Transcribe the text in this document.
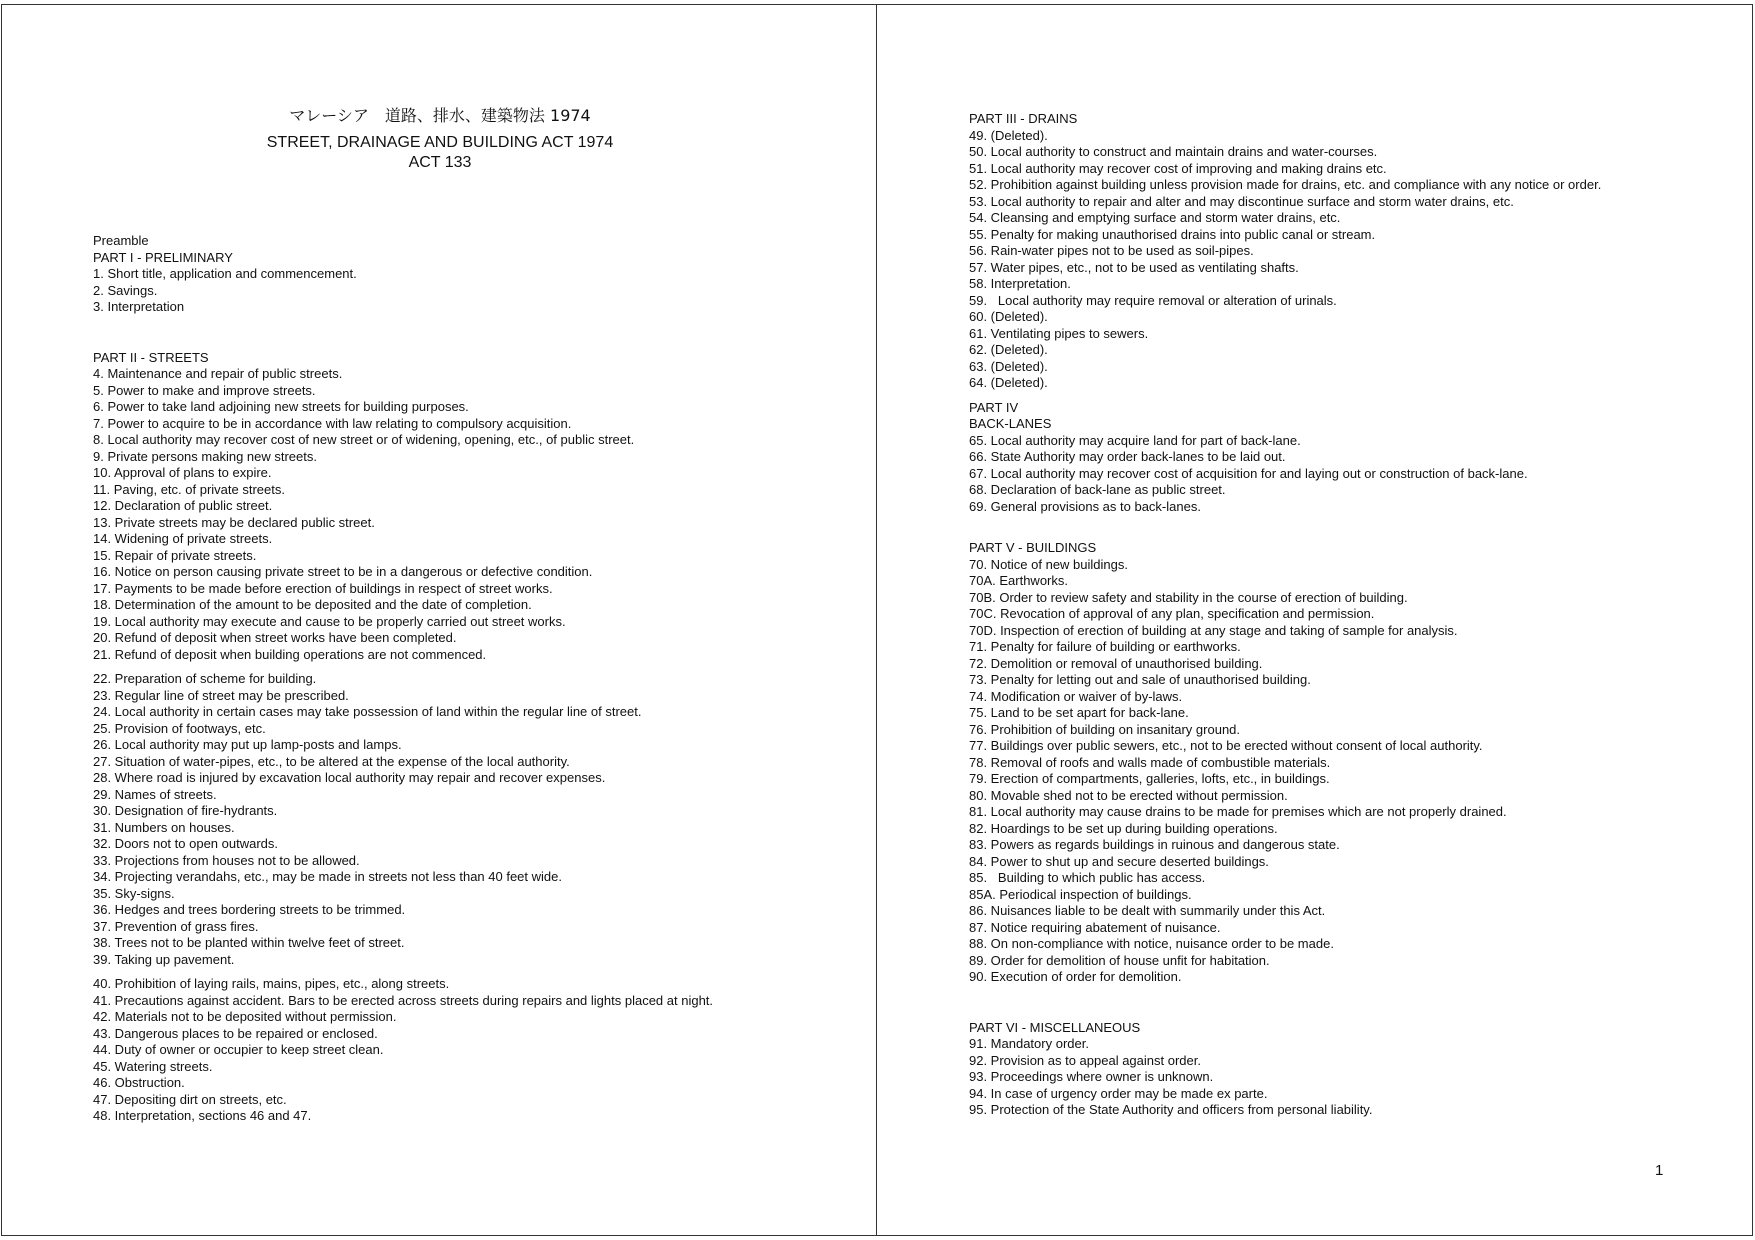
マレーシア　道路、排水、建築物法 1974
STREET, DRAINAGE AND BUILDING ACT 1974
ACT 133
Preamble
PART I - PRELIMINARY
1. Short title, application and commencement.
2. Savings.
3. Interpretation
PART II - STREETS
4. Maintenance and repair of public streets.
5. Power to make and improve streets.
6. Power to take land adjoining new streets for building purposes.
7. Power to acquire to be in accordance with law relating to compulsory acquisition.
8. Local authority may recover cost of new street or of widening, opening, etc., of public street.
9. Private persons making new streets.
10. Approval of plans to expire.
11. Paving, etc. of private streets.
12. Declaration of public street.
13. Private streets may be declared public street.
14. Widening of private streets.
15. Repair of private streets.
16. Notice on person causing private street to be in a dangerous or defective condition.
17. Payments to be made before erection of buildings in respect of street works.
18. Determination of the amount to be deposited and the date of completion.
19. Local authority may execute and cause to be properly carried out street works.
20. Refund of deposit when street works have been completed.
21. Refund of deposit when building operations are not commenced.
22. Preparation of scheme for building.
23. Regular line of street may be prescribed.
24. Local authority in certain cases may take possession of land within the regular line of street.
25. Provision of footways, etc.
26. Local authority may put up lamp-posts and lamps.
27. Situation of water-pipes, etc., to be altered at the expense of the local authority.
28. Where road is injured by excavation local authority may repair and recover expenses.
29. Names of streets.
30. Designation of fire-hydrants.
31. Numbers on houses.
32. Doors not to open outwards.
33. Projections from houses not to be allowed.
34. Projecting verandahs, etc., may be made in streets not less than 40 feet wide.
35. Sky-signs.
36. Hedges and trees bordering streets to be trimmed.
37. Prevention of grass fires.
38. Trees not to be planted within twelve feet of street.
39. Taking up pavement.
40. Prohibition of laying rails, mains, pipes, etc., along streets.
41. Precautions against accident. Bars to be erected across streets during repairs and lights placed at night.
42. Materials not to be deposited without permission.
43. Dangerous places to be repaired or enclosed.
44. Duty of owner or occupier to keep street clean.
45. Watering streets.
46. Obstruction.
47. Depositing dirt on streets, etc.
48. Interpretation, sections 46 and 47.
PART III - DRAINS
49. (Deleted).
50. Local authority to construct and maintain drains and water-courses.
51. Local authority may recover cost of improving and making drains etc.
52. Prohibition against building unless provision made for drains, etc. and compliance with any notice or order.
53. Local authority to repair and alter and may discontinue surface and storm water drains, etc.
54. Cleansing and emptying surface and storm water drains, etc.
55. Penalty for making unauthorised drains into public canal or stream.
56. Rain-water pipes not to be used as soil-pipes.
57. Water pipes, etc., not to be used as ventilating shafts.
58. Interpretation.
59.   Local authority may require removal or alteration of urinals.
60. (Deleted).
61. Ventilating pipes to sewers.
62. (Deleted).
63. (Deleted).
64. (Deleted).
PART IV
BACK-LANES
65. Local authority may acquire land for part of back-lane.
66. State Authority may order back-lanes to be laid out.
67. Local authority may recover cost of acquisition for and laying out or construction of back-lane.
68. Declaration of back-lane as public street.
69. General provisions as to back-lanes.
PART V - BUILDINGS
70. Notice of new buildings.
70A. Earthworks.
70B. Order to review safety and stability in the course of erection of building.
70C. Revocation of approval of any plan, specification and permission.
70D. Inspection of erection of building at any stage and taking of sample for analysis.
71. Penalty for failure of building or earthworks.
72. Demolition or removal of unauthorised building.
73. Penalty for letting out and sale of unauthorised building.
74. Modification or waiver of by-laws.
75. Land to be set apart for back-lane.
76. Prohibition of building on insanitary ground.
77. Buildings over public sewers, etc., not to be erected without consent of local authority.
78. Removal of roofs and walls made of combustible materials.
79. Erection of compartments, galleries, lofts, etc., in buildings.
80. Movable shed not to be erected without permission.
81. Local authority may cause drains to be made for premises which are not properly drained.
82. Hoardings to be set up during building operations.
83. Powers as regards buildings in ruinous and dangerous state.
84. Power to shut up and secure deserted buildings.
85.   Building to which public has access.
85A. Periodical inspection of buildings.
86. Nuisances liable to be dealt with summarily under this Act.
87. Notice requiring abatement of nuisance.
88. On non-compliance with notice, nuisance order to be made.
89. Order for demolition of house unfit for habitation.
90. Execution of order for demolition.
PART VI - MISCELLANEOUS
91. Mandatory order.
92. Provision as to appeal against order.
93. Proceedings where owner is unknown.
94. In case of urgency order may be made ex parte.
95. Protection of the State Authority and officers from personal liability.
1
